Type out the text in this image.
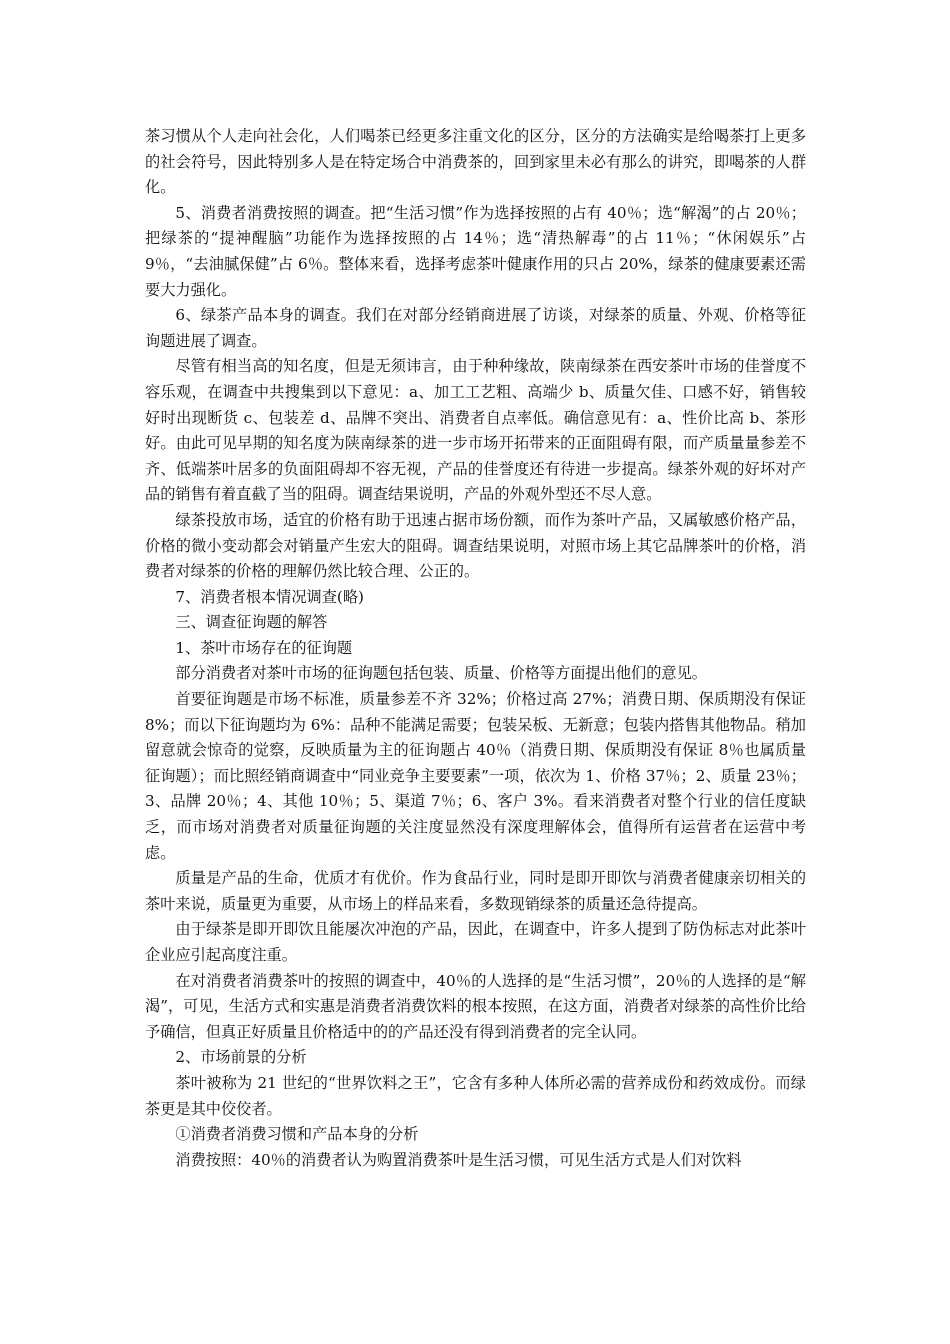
茶习惯从个人走向社会化，人们喝茶已经更多注重文化的区分，区分的方法确实是给喝茶打上更多的社会符号，因此特别多人是在特定场合中消费茶的，回到家里未必有那么的讲究，即喝茶的人群化。

5、消费者消费按照的调查。把“生活习惯”作为选择按照的占有 40％；选“解渴”的占 20％；把绿茶的“提神醒脑”功能作为选择按照的占 14％；选“清热解毒”的占 11％；“休闲娱乐”占 9％，“去油腻保健”占 6％。整体来看，选择考虑茶叶健康作用的只占 20%，绿茶的健康要素还需要大力强化。

6、绿茶产品本身的调查。我们在对部分经销商进展了访谈，对绿茶的质量、外观、价格等征询题进展了调查。

尽管有相当高的知名度，但是无须讳言，由于种种缘故，陕南绿茶在西安茶叶市场的佳誉度不容乐观，在调查中共搜集到以下意见：a、加工工艺粗、高端少 b、质量欠佳、口感不好，销售较好时出现断货 c、包装差 d、品牌不突出、消费者自点率低。确信意见有：a、性价比高 b、茶形好。由此可见早期的知名度为陕南绿茶的进一步市场开拓带来的正面阻碍有限，而产质量量参差不齐、低端茶叶居多的负面阻碍却不容无视，产品的佳誉度还有待进一步提高。绿茶外观的好坏对产品的销售有着直截了当的阻碍。调查结果说明，产品的外观外型还不尽人意。

绿茶投放市场，适宜的价格有助于迅速占据市场份额，而作为茶叶产品，又属敏感价格产品，价格的微小变动都会对销量产生宏大的阻碍。调查结果说明，对照市场上其它品牌茶叶的价格，消费者对绿茶的价格的理解仍然比较合理、公正的。

7、消费者根本情况调查(略)

三、调查征询题的解答

1、茶叶市场存在的征询题

部分消费者对茶叶市场的征询题包括包装、质量、价格等方面提出他们的意见。

首要征询题是市场不标准，质量参差不齐 32%；价格过高 27%；消费日期、保质期没有保证 8%；而以下征询题均为 6%：品种不能满足需要；包装呆板、无新意；包装内搭售其他物品。稍加留意就会惊奇的觉察，反映质量为主的征询题占 40％（消费日期、保质期没有保证 8％也属质量征询题）；而比照经销商调查中“同业竞争主要要素”一项，依次为 1、价格 37％；2、质量 23％；3、品牌 20％；4、其他 10％；5、渠道 7％；6、客户 3%。看来消费者对整个行业的信任度缺乏，而市场对消费者对质量征询题的关注度显然没有深度理解体会，值得所有运营者在运营中考虑。

质量是产品的生命，优质才有优价。作为食品行业，同时是即开即饮与消费者健康亲切相关的茶叶来说，质量更为重要，从市场上的样品来看，多数现销绿茶的质量还急待提高。

由于绿茶是即开即饮且能屡次冲泡的产品，因此，在调查中，许多人提到了防伪标志对此茶叶企业应引起高度注重。

在对消费者消费茶叶的按照的调查中，40％的人选择的是“生活习惯”，20％的人选择的是“解渴”，可见，生活方式和实惠是消费者消费饮料的根本按照，在这方面，消费者对绿茶的高性价比给予确信，但真正好质量且价格适中的的产品还没有得到消费者的完全认同。

2、市场前景的分析

茶叶被称为 21 世纪的“世界饮料之王”，它含有多种人体所必需的营养成份和药效成份。而绿茶更是其中佼佼者。

①消费者消费习惯和产品本身的分析

消费按照：40％的消费者认为购置消费茶叶是生活习惯，可见生活方式是人们对饮料
